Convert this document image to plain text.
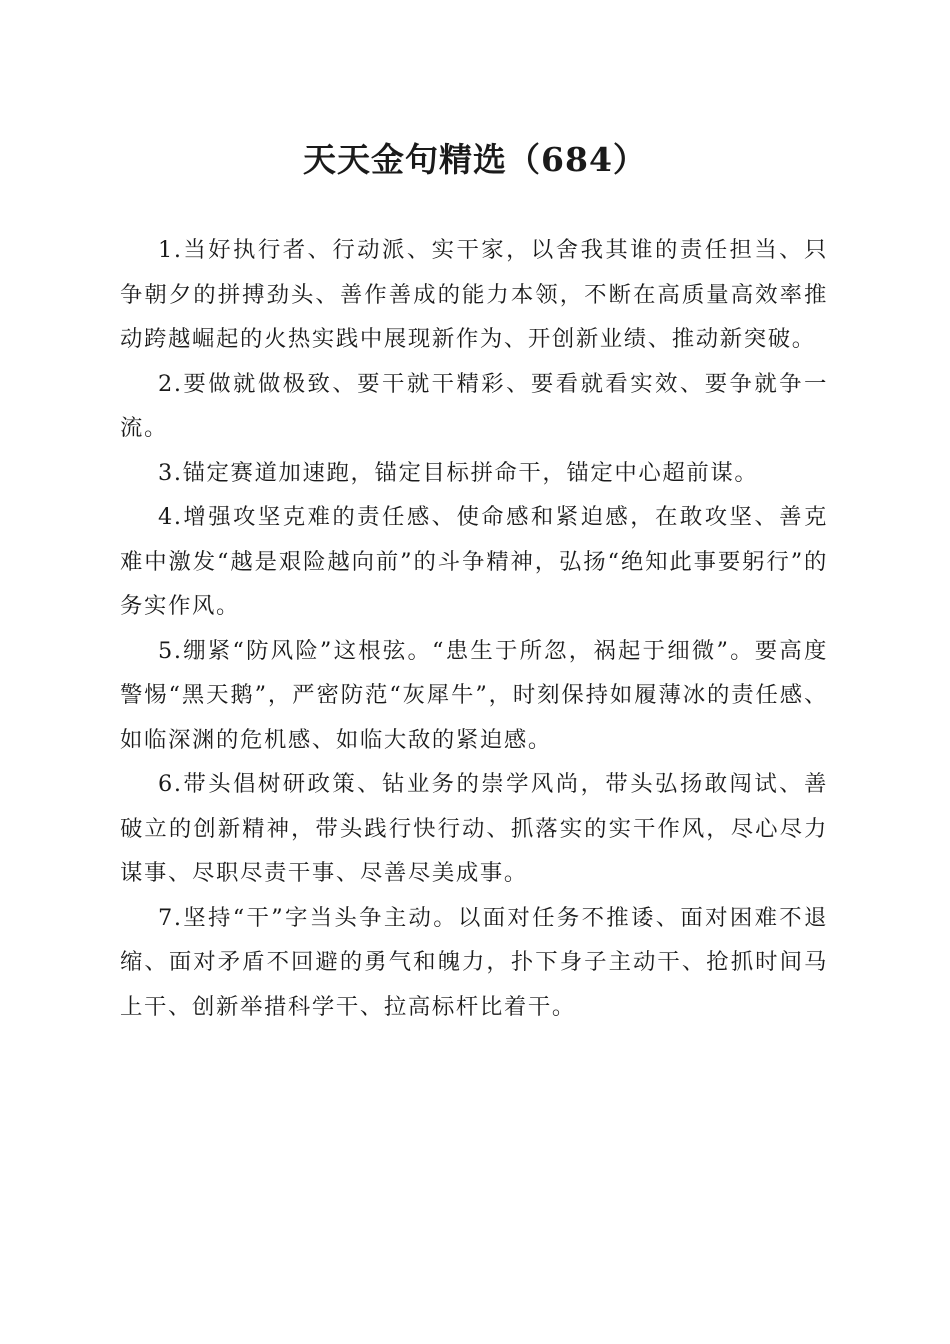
天天金句精选（684）

1.当好执行者、行动派、实干家，以舍我其谁的责任担当、只争朝夕的拼搏劲头、善作善成的能力本领，不断在高质量高效率推动跨越崛起的火热实践中展现新作为、开创新业绩、推动新突破。

2.要做就做极致、要干就干精彩、要看就看实效、要争就争一流。

3.锚定赛道加速跑，锚定目标拼命干，锚定中心超前谋。

4.增强攻坚克难的责任感、使命感和紧迫感，在敢攻坚、善克难中激发“越是艰险越向前”的斗争精神，弘扬“绝知此事要躬行”的务实作风。

5.绷紧“防风险”这根弦。“患生于所忽，祸起于细微”。要高度警惕“黑天鹅”，严密防范“灰犀牛”，时刻保持如履薄冰的责任感、如临深渊的危机感、如临大敌的紧迫感。

6.带头倡树研政策、钻业务的崇学风尚，带头弘扬敢闯试、善破立的创新精神，带头践行快行动、抓落实的实干作风，尽心尽力谋事、尽职尽责干事、尽善尽美成事。

7.坚持“干”字当头争主动。以面对任务不推诿、面对困难不退缩、面对矛盾不回避的勇气和魄力，扑下身子主动干、抢抓时间马上干、创新举措科学干、拉高标杆比着干。
